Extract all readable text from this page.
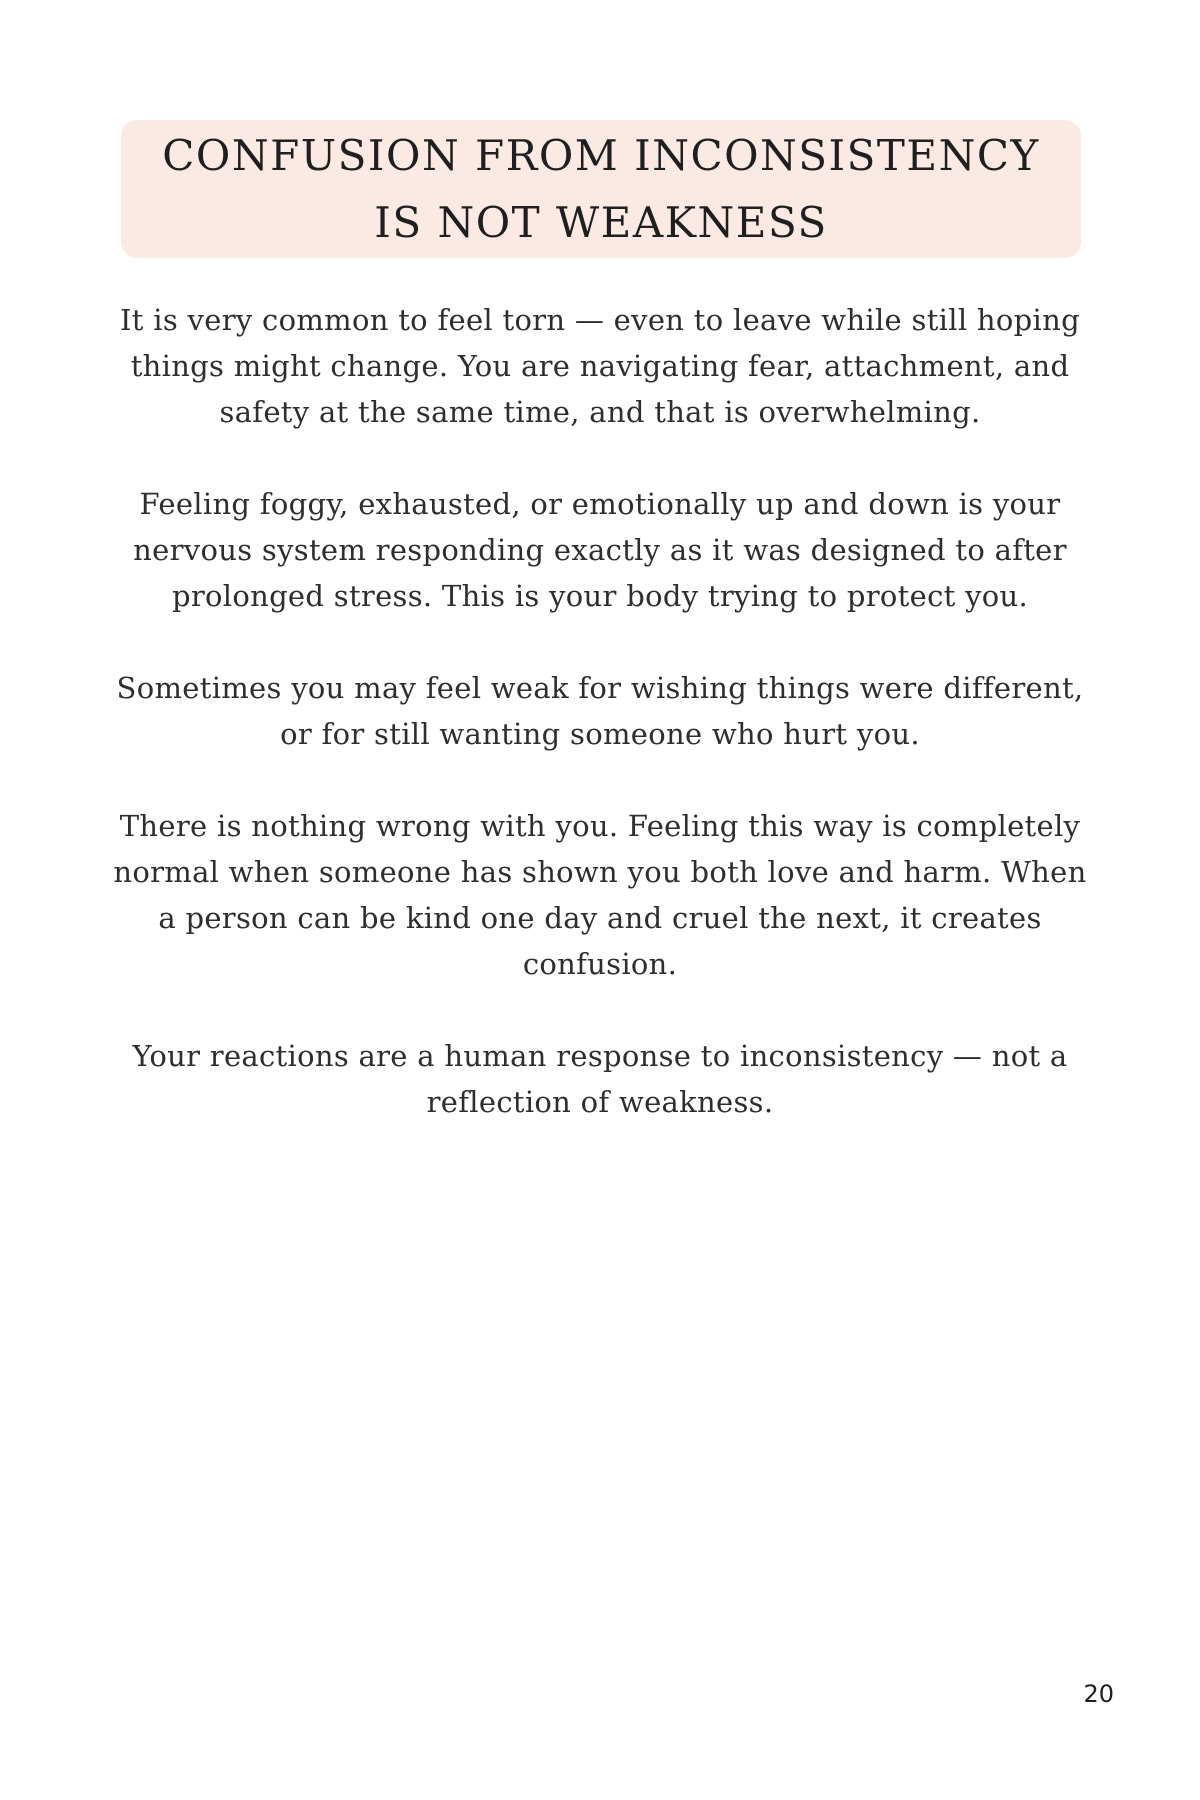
CONFUSION FROM INCONSISTENCY IS NOT WEAKNESS

It is very common to feel torn — even to leave while still hoping things might change. You are navigating fear, attachment, and safety at the same time, and that is overwhelming.

Feeling foggy, exhausted, or emotionally up and down is your nervous system responding exactly as it was designed to after prolonged stress. This is your body trying to protect you.

Sometimes you may feel weak for wishing things were different, or for still wanting someone who hurt you.

There is nothing wrong with you. Feeling this way is completely normal when someone has shown you both love and harm. When a person can be kind one day and cruel the next, it creates confusion.

Your reactions are a human response to inconsistency — not a reflection of weakness.

20
